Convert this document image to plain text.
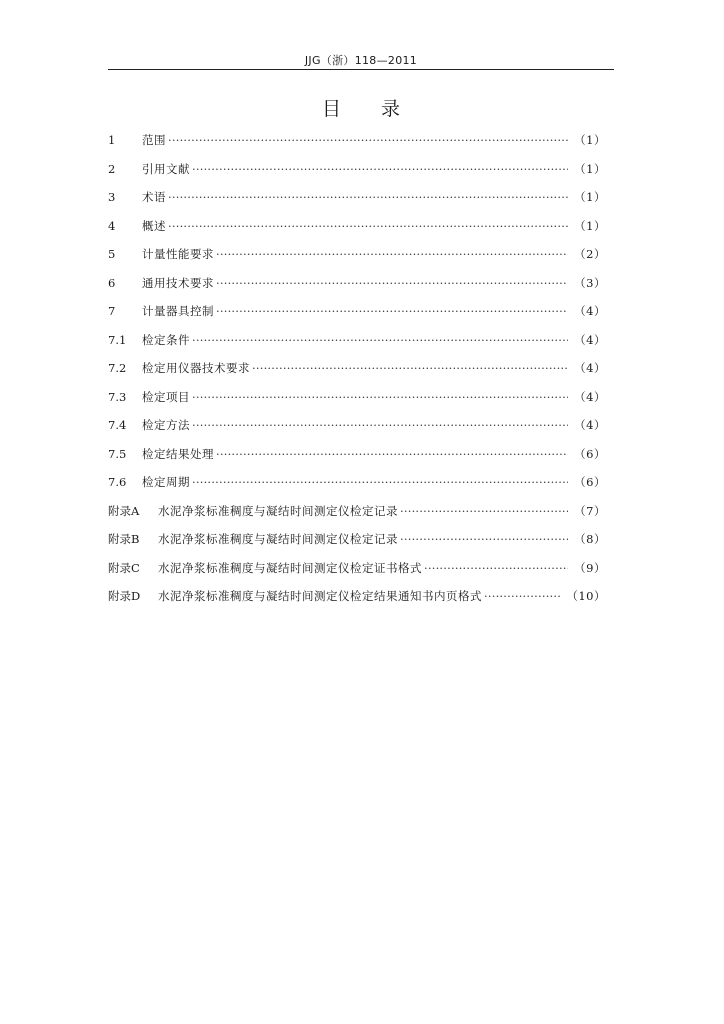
JJG（浙）118—2011
目录
1	范围 ·····	（1）
2	引用文献 ·····	（1）
3	术语 ·····	（1）
4	概述 ·····	（1）
5	计量性能要求 ·····	（2）
6	通用技术要求 ·····	（3）
7	计量器具控制 ·····	（4）
7.1	检定条件 ·····	（4）
7.2	检定用仪器技术要求 ·····	（4）
7.3	检定项目 ·····	（4）
7.4	检定方法 ·····	（4）
7.5	检定结果处理 ·····	（6）
7.6	检定周期 ·····	（6）
附录A	水泥净浆标准稠度与凝结时间测定仪检定记录 ·····	（7）
附录B	水泥净浆标准稠度与凝结时间测定仪检定记录 ·····	（8）
附录C	水泥净浆标准稠度与凝结时间测定仪检定证书格式 ·····	（9）
附录D	水泥净浆标准稠度与凝结时间测定仪检定结果通知书内页格式 ·····	（10）
